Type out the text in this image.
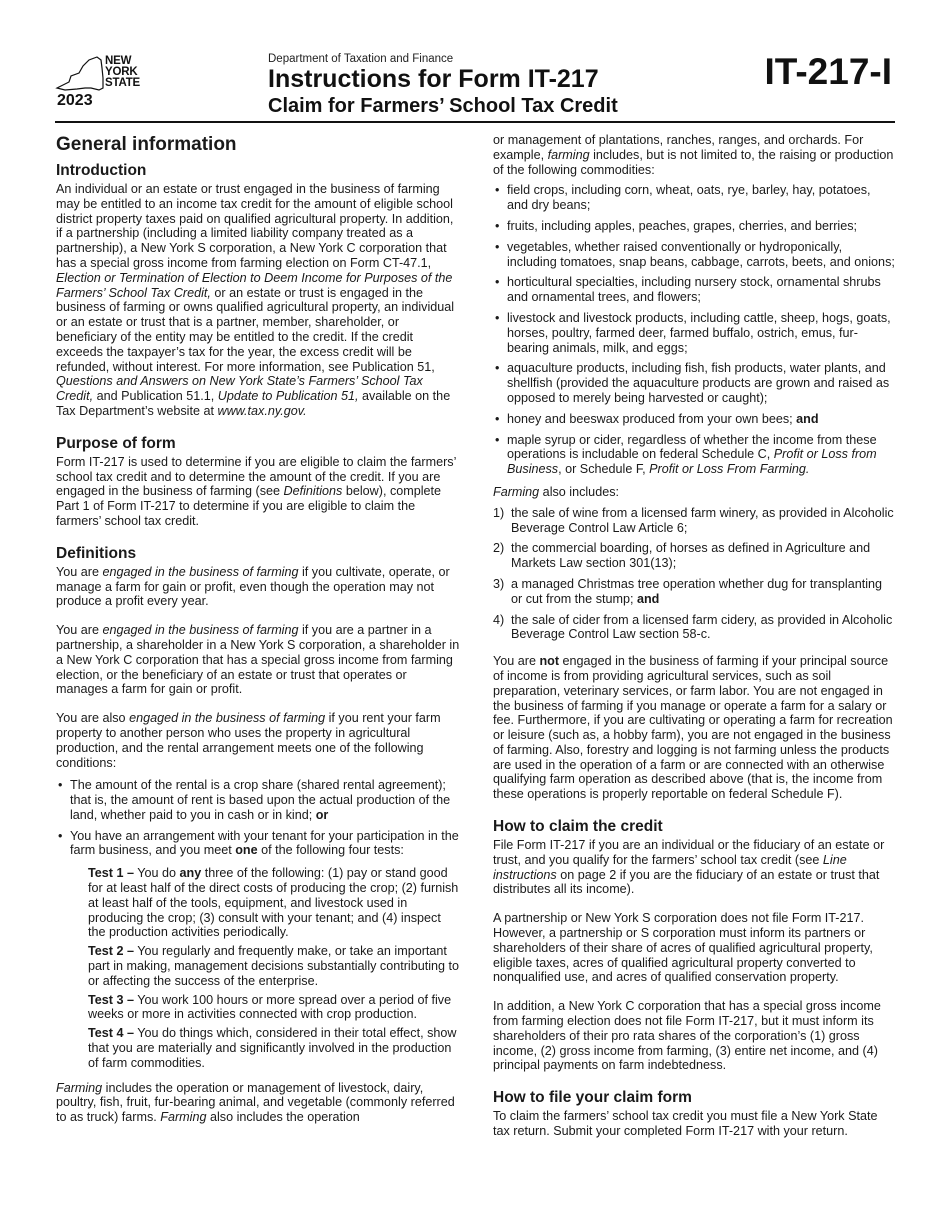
NEW
YORK
STATE
2023
Department of Taxation and Finance
Instructions for Form IT-217
Claim for Farmers’ School Tax Credit
IT-217-I
General information
Introduction

An individual or an estate or trust engaged in the business of farming may be entitled to an income tax credit for the amount of eligible school district property taxes paid on qualified agricultural property. In addition, if a partnership (including a limited liability company treated as a partnership), a New York S corporation, a New York C corporation that has a special gross income from farming election on Form CT-47.1, Election or Termination of Election to Deem Income for Purposes of the Farmers’ School Tax Credit, or an estate or trust is engaged in the business of farming or owns qualified agricultural property, an individual or an estate or trust that is a partner, member, shareholder, or beneficiary of the entity may be entitled to the credit. If the credit exceeds the taxpayer’s tax for the year, the excess credit will be refunded, without interest. For more information, see Publication 51, Questions and Answers on New York State’s Farmers’ School Tax Credit, and Publication 51.1, Update to Publication 51, available on the Tax Department’s website at www.tax.ny.gov.

Purpose of form

Form IT-217 is used to determine if you are eligible to claim the farmers’ school tax credit and to determine the amount of the credit. If you are engaged in the business of farming (see Definitions below), complete Part 1 of Form IT-217 to determine if you are eligible to claim the farmers’ school tax credit.

Definitions

You are engaged in the business of farming if you cultivate, operate, or manage a farm for gain or profit, even though the operation may not produce a profit every year.

You are engaged in the business of farming if you are a partner in a partnership, a shareholder in a New York S corporation, a shareholder in a New York C corporation that has a special gross income from farming election, or the beneficiary of an estate or trust that operates or manages a farm for gain or profit.

You are also engaged in the business of farming if you rent your farm property to another person who uses the property in agricultural production, and the rental arrangement meets one of the following conditions:

• The amount of the rental is a crop share (shared rental agreement); that is, the amount of rent is based upon the actual production of the land, whether paid to you in cash or in kind; or
• You have an arrangement with your tenant for your participation in the farm business, and you meet one of the following four tests:
Test 1 – You do any three of the following: (1) pay or stand good for at least half of the direct costs of producing the crop; (2) furnish at least half of the tools, equipment, and livestock used in producing the crop; (3) consult with your tenant; and (4) inspect the production activities periodically.
Test 2 – You regularly and frequently make, or take an important part in making, management decisions substantially contributing to or affecting the success of the enterprise.
Test 3 – You work 100 hours or more spread over a period of five weeks or more in activities connected with crop production.
Test 4 – You do things which, considered in their total effect, show that you are materially and significantly involved in the production of farm commodities.

Farming includes the operation or management of livestock, dairy, poultry, fish, fruit, fur-bearing animal, and vegetable (commonly referred to as truck) farms. Farming also includes the operation

or management of plantations, ranches, ranges, and orchards. For example, farming includes, but is not limited to, the raising or production of the following commodities:

• field crops, including corn, wheat, oats, rye, barley, hay, potatoes, and dry beans;
• fruits, including apples, peaches, grapes, cherries, and berries;
• vegetables, whether raised conventionally or hydroponically, including tomatoes, snap beans, cabbage, carrots, beets, and onions;
• horticultural specialties, including nursery stock, ornamental shrubs and ornamental trees, and flowers;
• livestock and livestock products, including cattle, sheep, hogs, goats, horses, poultry, farmed deer, farmed buffalo, ostrich, emus, fur-bearing animals, milk, and eggs;
• aquaculture products, including fish, fish products, water plants, and shellfish (provided the aquaculture products are grown and raised as opposed to merely being harvested or caught);
• honey and beeswax produced from your own bees; and
• maple syrup or cider, regardless of whether the income from these operations is includable on federal Schedule C, Profit or Loss from Business, or Schedule F, Profit or Loss From Farming.

Farming also includes:

1) the sale of wine from a licensed farm winery, as provided in Alcoholic Beverage Control Law Article 6;
2) the commercial boarding, of horses as defined in Agriculture and Markets Law section 301(13);
3) a managed Christmas tree operation whether dug for transplanting or cut from the stump; and
4) the sale of cider from a licensed farm cidery, as provided in Alcoholic Beverage Control Law section 58-c.

You are not engaged in the business of farming if your principal source of income is from providing agricultural services, such as soil preparation, veterinary services, or farm labor. You are not engaged in the business of farming if you manage or operate a farm for a salary or fee. Furthermore, if you are cultivating or operating a farm for recreation or leisure (such as, a hobby farm), you are not engaged in the business of farming. Also, forestry and logging is not farming unless the products are used in the operation of a farm or are connected with an otherwise qualifying farm operation as described above (that is, the income from these operations is properly reportable on federal Schedule F).

How to claim the credit

File Form IT-217 if you are an individual or the fiduciary of an estate or trust, and you qualify for the farmers’ school tax credit (see Line instructions on page 2 if you are the fiduciary of an estate or trust that distributes all its income).

A partnership or New York S corporation does not file Form IT-217. However, a partnership or S corporation must inform its partners or shareholders of their share of acres of qualified agricultural property, eligible taxes, acres of qualified agricultural property converted to nonqualified use, and acres of qualified conservation property.

In addition, a New York C corporation that has a special gross income from farming election does not file Form IT-217, but it must inform its shareholders of their pro rata shares of the corporation’s (1) gross income, (2) gross income from farming, (3) entire net income, and (4) principal payments on farm indebtedness.

How to file your claim form

To claim the farmers’ school tax credit you must file a New York State tax return. Submit your completed Form IT-217 with your return.
